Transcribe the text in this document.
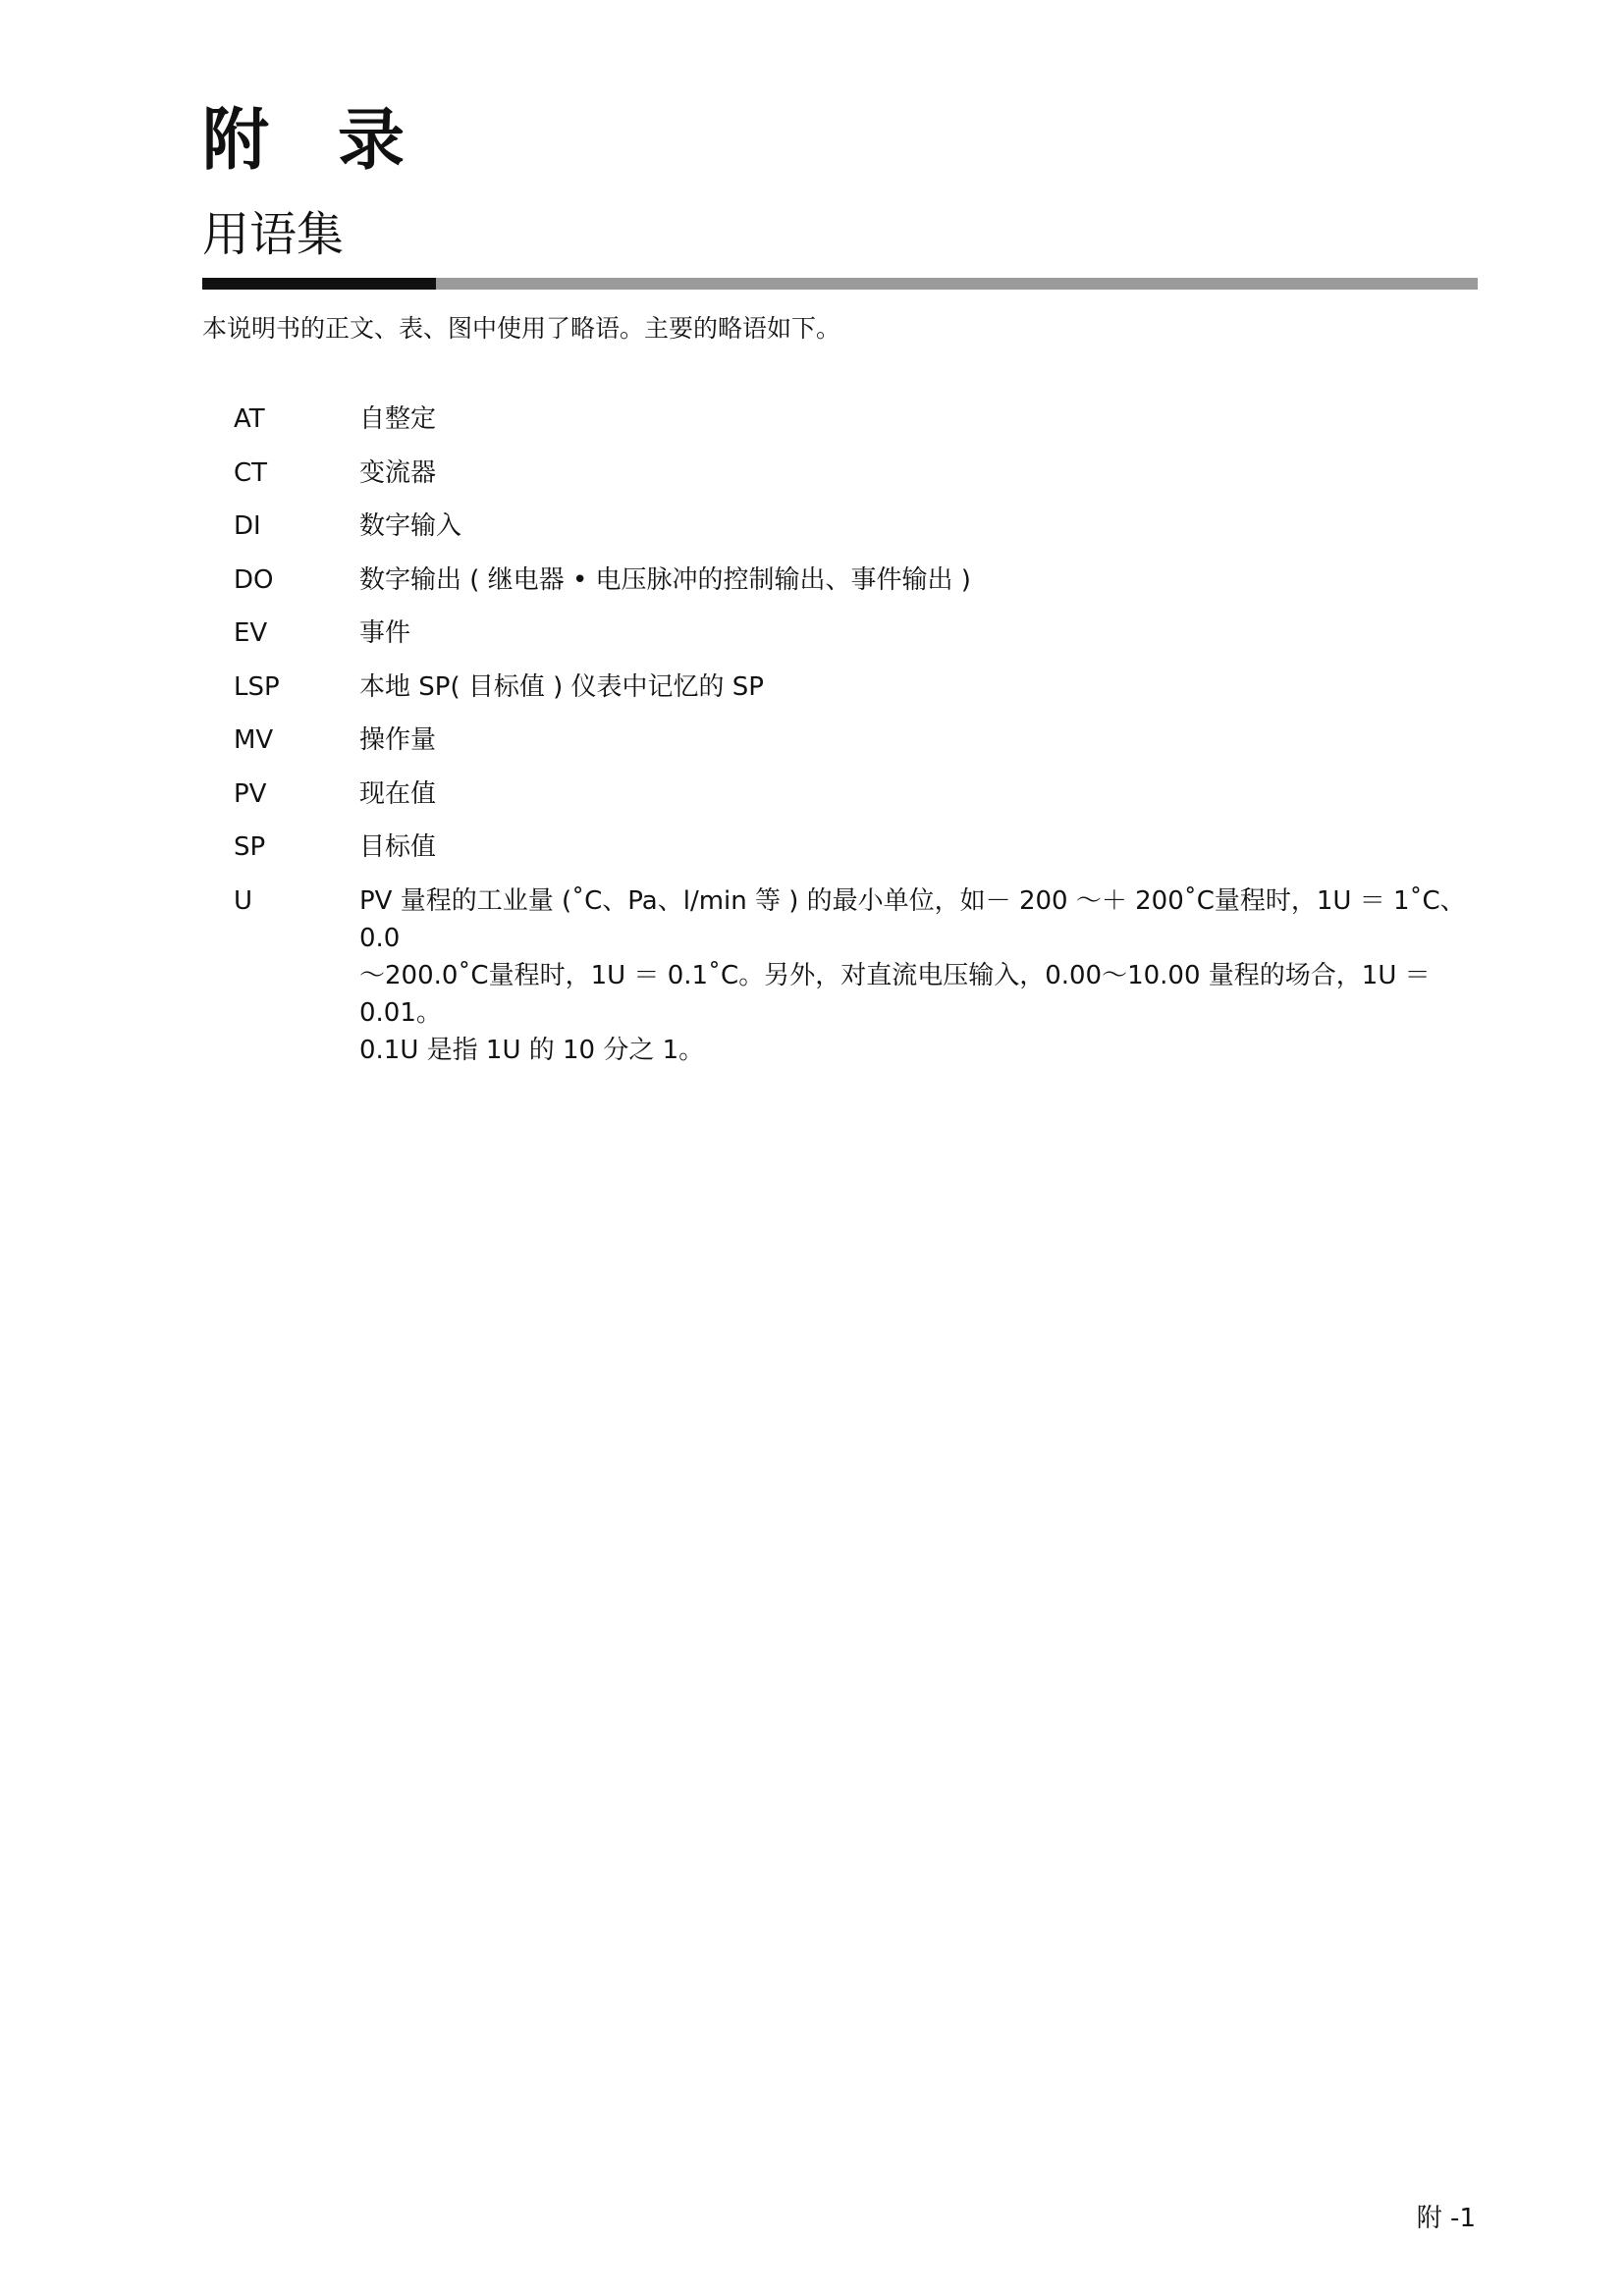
附录
用语集

本说明书的正文、表、图中使用了略语。主要的略语如下。

AT	自整定
CT	变流器
DI	数字输入
DO	数字输出 ( 继电器 • 电压脉冲的控制输出、事件输出 )
EV	事件
LSP	本地 SP( 目标值 ) 仪表中记忆的 SP
MV	操作量
PV	现在值
SP	目标值
U	PV 量程的工业量 (˚C、Pa、l/min 等 ) 的最小单位，如－ 200 ～＋ 200˚C量程时，1U ＝ 1˚C、0.0
～200.0˚C量程时，1U ＝ 0.1˚C。另外，对直流电压输入，0.00～10.00 量程的场合，1U ＝ 0.01。
0.1U 是指 1U 的 10 分之 1。
附 -1
